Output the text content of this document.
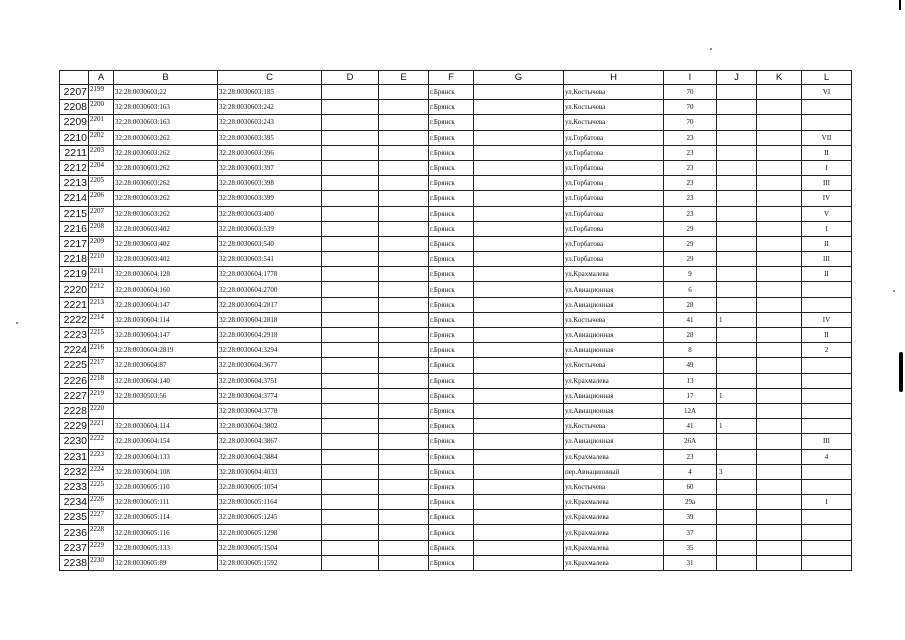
	A	B	C	D	E	F	G	H	I	J	K	L
2207	2199	32:28:0030603:22	32:28:0030603:185			г.Брянск		ул.Костычева	70			VI
2208	2200	32:28:0030603:163	32:28:0030603:242			г.Брянск		ул.Костычева	70			
2209	2201	32:28:0030603:163	32:28:0030603:243			г.Брянск		ул.Костычева	70			
2210	2202	32:28:0030603:262	32:28:0030603:395			г.Брянск		ул.Горбатова	23			VII
2211	2203	32:28:0030603:262	32:28:0030603:396			г.Брянск		ул.Горбатова	23			II
2212	2204	32:28:0030603:262	32:28:0030603:397			г.Брянск		ул.Горбатова	23			I
2213	2205	32:28:0030603:262	32:28:0030603:398			г.Брянск		ул.Горбатова	23			III
2214	2206	32:28:0030603:262	32:28:0030603:399			г.Брянск		ул.Горбатова	23			IV
2215	2207	32:28:0030603:262	32:28:0030603:400			г.Брянск		ул.Горбатова	23			V
2216	2208	32:28:0030603:402	32:28:0030603:539			г.Брянск		ул.Горбатова	29			I
2217	2209	32:28:0030603:402	32:28:0030603:540			г.Брянск		ул.Горбатова	29			II
2218	2210	32:28:0030603:402	32:28:0030603:541			г.Брянск		ул.Горбатова	29			III
2219	2211	32:28:0030604:128	32:28:0030604:1778			г.Брянск		ул.Крахмалева	9			II
2220	2212	32:28:0030604:160	32:28:0030604:2700			г.Брянск		ул.Авиационная	6			
2221	2213	32:28:0030604:147	32:28:0030604:2817			г.Брянск		ул.Авиационная	28			
2222	2214	32:28:0030604:114	32:28:0030604:2818			г.Брянск		ул.Костычева	41	1		IV
2223	2215	32:28:0030604:147	32:28:0030604:2918			г.Брянск		ул.Авиационная	28			II
2224	2216	32:28:0030604:2819	32:28:0030604:3294			г.Брянск		ул.Авиационная	8			2
2225	2217	32:28:0030604:87	32:28:0030604:3677			г.Брянск		ул.Костычева	49			
2226	2218	32:28:0030604:140	32:28:0030604:3751			г.Брянск		ул.Крахмалева	13			
2227	2219	32:28:0030503:56	32:28:0030604:3774			г.Брянск		ул.Авиационная	17	1		
2228	2220		32:28:0030604:3778			г.Брянск		ул.Авиационная	12А			
2229	2221	32:28:0030604:114	32:28:0030604:3802			г.Брянск		ул.Костычева	41	1		
2230	2222	32:28:0030604:154	32:28:0030604:3867			г.Брянск		ул.Авиационная	26А			III
2231	2223	32:28:0030604:133	32:28:0030604:3884			г.Брянск		ул.Крахмалева	23			4
2232	2224	32:28:0030604:108	32:28:0030604:4033			г.Брянск		пер.Авиационный	4	3		
2233	2225	32:28:0030605:110	32:28:0030605:1054			г.Брянск		ул.Костычева	60			
2234	2226	32:28:0030605:111	32:28:0030605:1164			г.Брянск		ул.Крахмалева	29а			I
2235	2227	32:28:0030605:114	32:28:0030605:1245			г.Брянск		ул.Крахмалева	39			
2236	2228	32:28:0030605:116	32:28:0030605:1298			г.Брянск		ул.Крахмалева	37			
2237	2229	32:28:0030605:133	32:28:0030605:1504			г.Брянск		ул.Крахмалева	35			
2238	2230	32:28:0030605:89	32:28:0030605:1592			г.Брянск		ул.Крахмалева	31			
